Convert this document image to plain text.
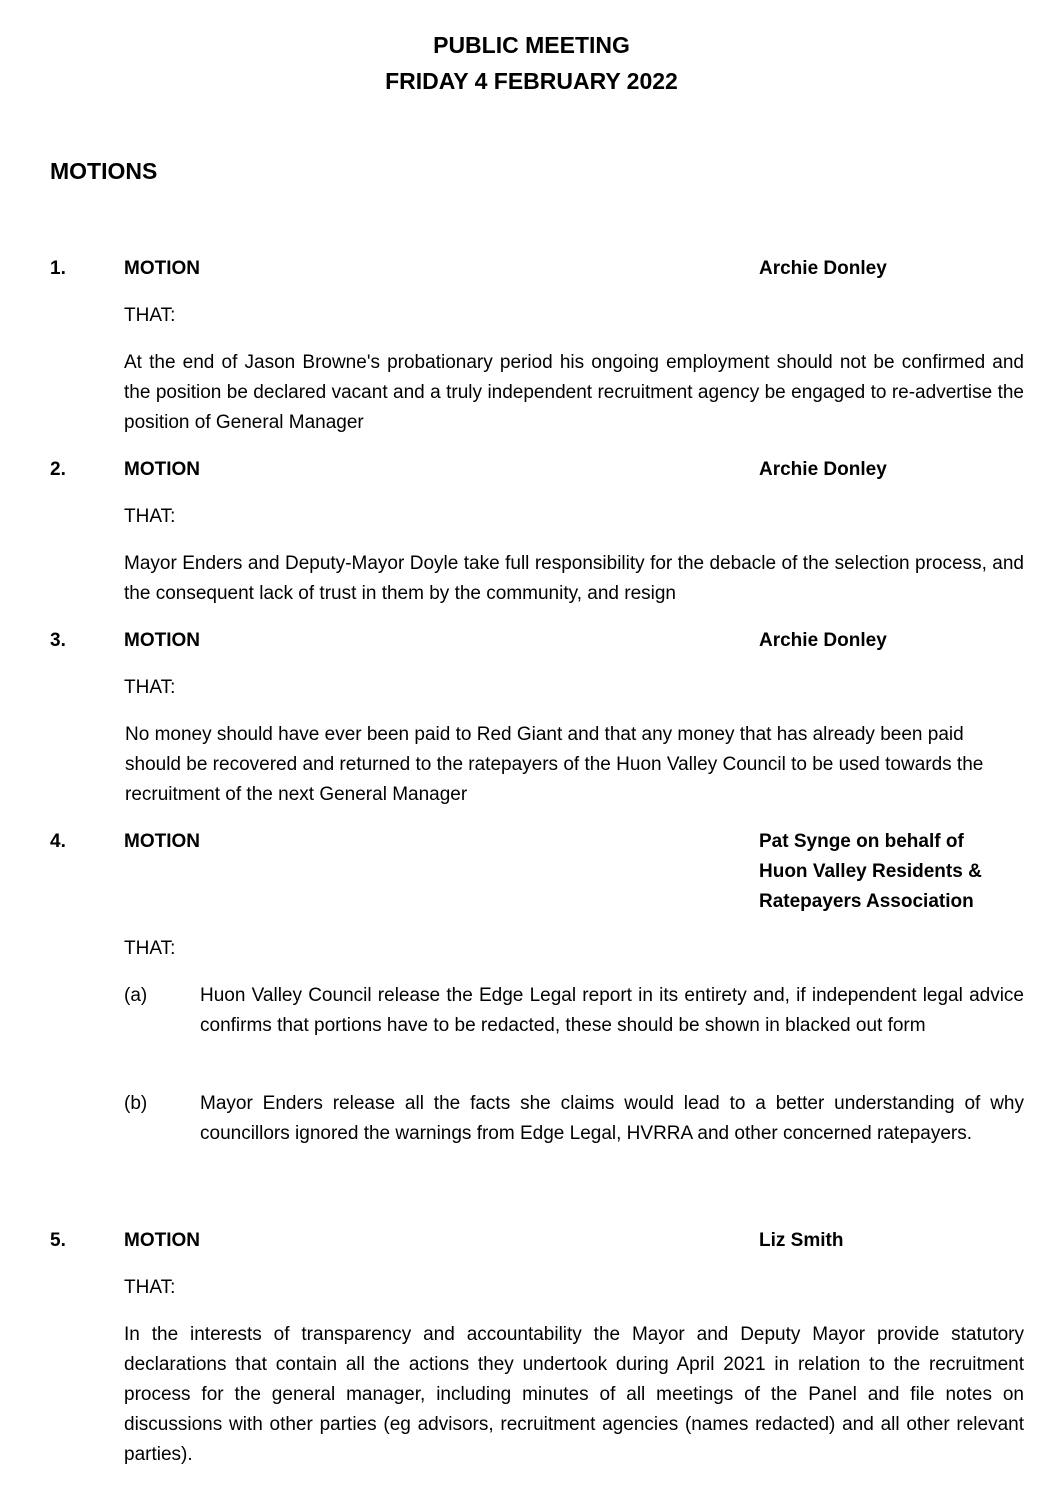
PUBLIC MEETING
FRIDAY 4 FEBRUARY 2022
MOTIONS
1.	MOTION	Archie Donley
THAT:
At the end of Jason Browne's probationary period his ongoing employment should not be confirmed and the position be declared vacant and a truly independent recruitment agency be engaged to re-advertise the position of General Manager
2.	MOTION	Archie Donley
THAT:
Mayor Enders and Deputy-Mayor Doyle take full responsibility for the debacle of the selection process, and the consequent lack of trust in them by the community, and resign
3.	MOTION	Archie Donley
THAT:
No money should have ever been paid to Red Giant and that any money that has already been paid should be recovered and returned to the ratepayers of the Huon Valley Council to be used towards the recruitment of the next General Manager
4.	MOTION	Pat Synge on behalf of
Huon Valley Residents &
Ratepayers Association
THAT:
(a)	Huon Valley Council release the Edge Legal report in its entirety and, if independent legal advice confirms that portions have to be redacted, these should be shown in blacked out form
(b)	Mayor Enders release all the facts she claims would lead to a better understanding of why councillors ignored the warnings from Edge Legal, HVRRA and other concerned ratepayers.
5.	MOTION	Liz Smith
THAT:
In the interests of transparency and accountability the Mayor and Deputy Mayor provide statutory declarations that contain all the actions they undertook during April 2021 in relation to the recruitment process for the general manager, including minutes of all meetings of the Panel and file notes on discussions with other parties (eg advisors, recruitment agencies (names redacted) and all other relevant parties).
